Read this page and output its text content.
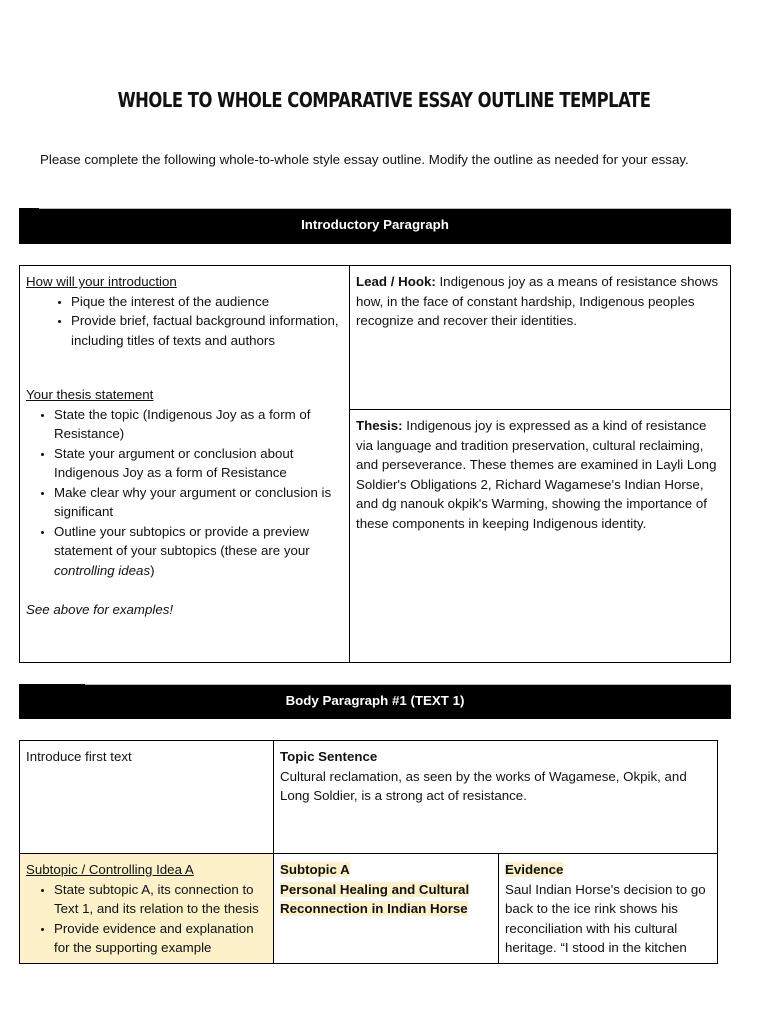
WHOLE TO WHOLE COMPARATIVE ESSAY OUTLINE TEMPLATE
Please complete the following whole-to-whole style essay outline. Modify the outline as needed for your essay.
Introductory Paragraph
How will your introduction
• Pique the interest of the audience
• Provide brief, factual background information, including titles of texts and authors
Your thesis statement
• State the topic (Indigenous Joy as a form of Resistance)
• State your argument or conclusion about Indigenous Joy as a form of Resistance
• Make clear why your argument or conclusion is significant
• Outline your subtopics or provide a preview statement of your subtopics (these are your controlling ideas)
See above for examples!
Lead / Hook: Indigenous joy as a means of resistance shows how, in the face of constant hardship, Indigenous peoples recognize and recover their identities.
Thesis: Indigenous joy is expressed as a kind of resistance via language and tradition preservation, cultural reclaiming, and perseverance. These themes are examined in Layli Long Soldier's Obligations 2, Richard Wagamese's Indian Horse, and dg nanouk okpik's Warming, showing the importance of these components in keeping Indigenous identity.
Body Paragraph #1 (TEXT 1)
Introduce first text	Topic Sentence
Cultural reclamation, as seen by the works of Wagamese, Okpik, and Long Soldier, is a strong act of resistance.
Subtopic / Controlling Idea A
• State subtopic A, its connection to Text 1, and its relation to the thesis
• Provide evidence and explanation for the supporting example
Subtopic A
Personal Healing and Cultural Reconnection in Indian Horse
Evidence
Saul Indian Horse's decision to go back to the ice rink shows his reconciliation with his cultural heritage. “I stood in the kitchen
